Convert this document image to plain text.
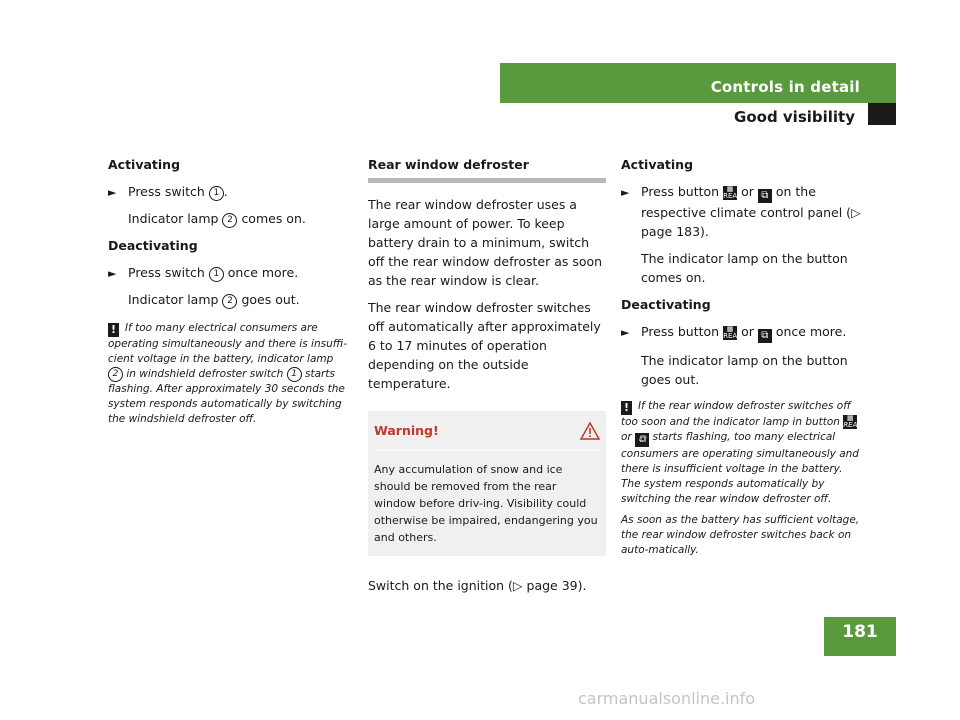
Controls in detail
Good visibility
Activating
► Press switch 1 .
Indicator lamp 2 comes on.
Deactivating
► Press switch 1 once more.
Indicator lamp 2 goes out.

! If too many electrical consumers are operating simultaneously and there is insuffi-cient voltage in the battery, indicator lamp 2 in windshield defroster switch 1 starts flashing. After approximately 30 seconds the system responds automatically by switching the windshield defroster off.

Rear window defroster

The rear window defroster uses a large amount of power. To keep battery drain to a minimum, switch off the rear window defroster as soon as the rear window is clear.

The rear window defroster switches off automatically after approximately 6 to 17 minutes of operation depending on the outside temperature.

Warning!
Any accumulation of snow and ice should be removed from the rear window before driv-ing. Visibility could otherwise be impaired, endangering you and others.

Switch on the ignition (▷ page 39).

Activating
► Press button ▦
REAR or ⧉ on the respective climate control panel (▷ page 183).
The indicator lamp on the button comes on.
Deactivating
► Press button ▦
REAR or ⧉ once more.
The indicator lamp on the button goes out.

! If the rear window defroster switches off too soon and the indicator lamp in button ▦
REAR or ⧉ starts flashing, too many electrical consumers are operating simultaneously and there is insufficient voltage in the battery. The system responds automatically by switching the rear window defroster off.

As soon as the battery has sufficient voltage, the rear window defroster switches back on auto-matically.

181
carmanualsonline.info
